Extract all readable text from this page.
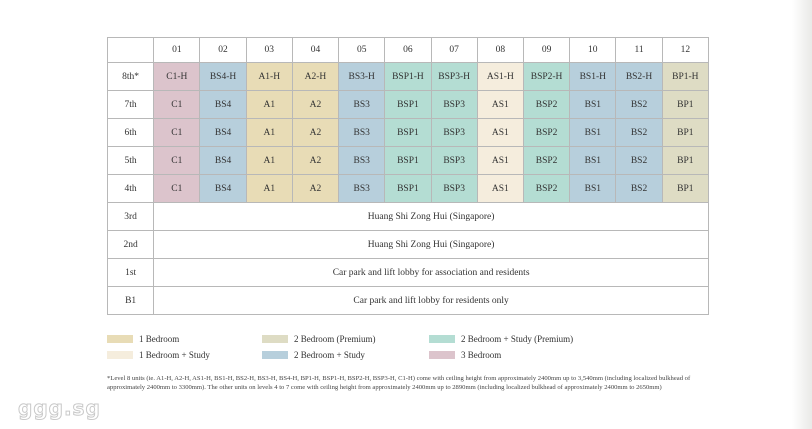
	01	02	03	04	05	06	07	08	09	10	11	12
8th*	C1-H	BS4-H	A1-H	A2-H	BS3-H	BSP1-H	BSP3-H	AS1-H	BSP2-H	BS1-H	BS2-H	BP1-H
7th	C1	BS4	A1	A2	BS3	BSP1	BSP3	AS1	BSP2	BS1	BS2	BP1
6th	C1	BS4	A1	A2	BS3	BSP1	BSP3	AS1	BSP2	BS1	BS2	BP1
5th	C1	BS4	A1	A2	BS3	BSP1	BSP3	AS1	BSP2	BS1	BS2	BP1
4th	C1	BS4	A1	A2	BS3	BSP1	BSP3	AS1	BSP2	BS1	BS2	BP1
3rd	Huang Shi Zong Hui (Singapore)											
2nd	Huang Shi Zong Hui (Singapore)											
1st	Car park and lift lobby for association and residents											
B1	Car park and lift lobby for residents only											
1 Bedroom	2 Bedroom (Premium)	2 Bedroom + Study (Premium)
1 Bedroom + Study	2 Bedroom + Study	3 Bedroom
*Level 8 units (ie. A1-H, A2-H, AS1-H, BS1-H, BS2-H, BS3-H, BS4-H, BP1-H, BSP1-H, BSP2-H, BSP3-H, C1-H) come with ceiling height from approximately 2400mm up to 3,540mm (including localized bulkhead of approximately 2400mm to 3300mm). The other units on levels 4 to 7 come with ceiling height from approximately 2400mm up to 2890mm (including localized bulkhead of approximately 2400mm to 2650mm)
ggg.sg
